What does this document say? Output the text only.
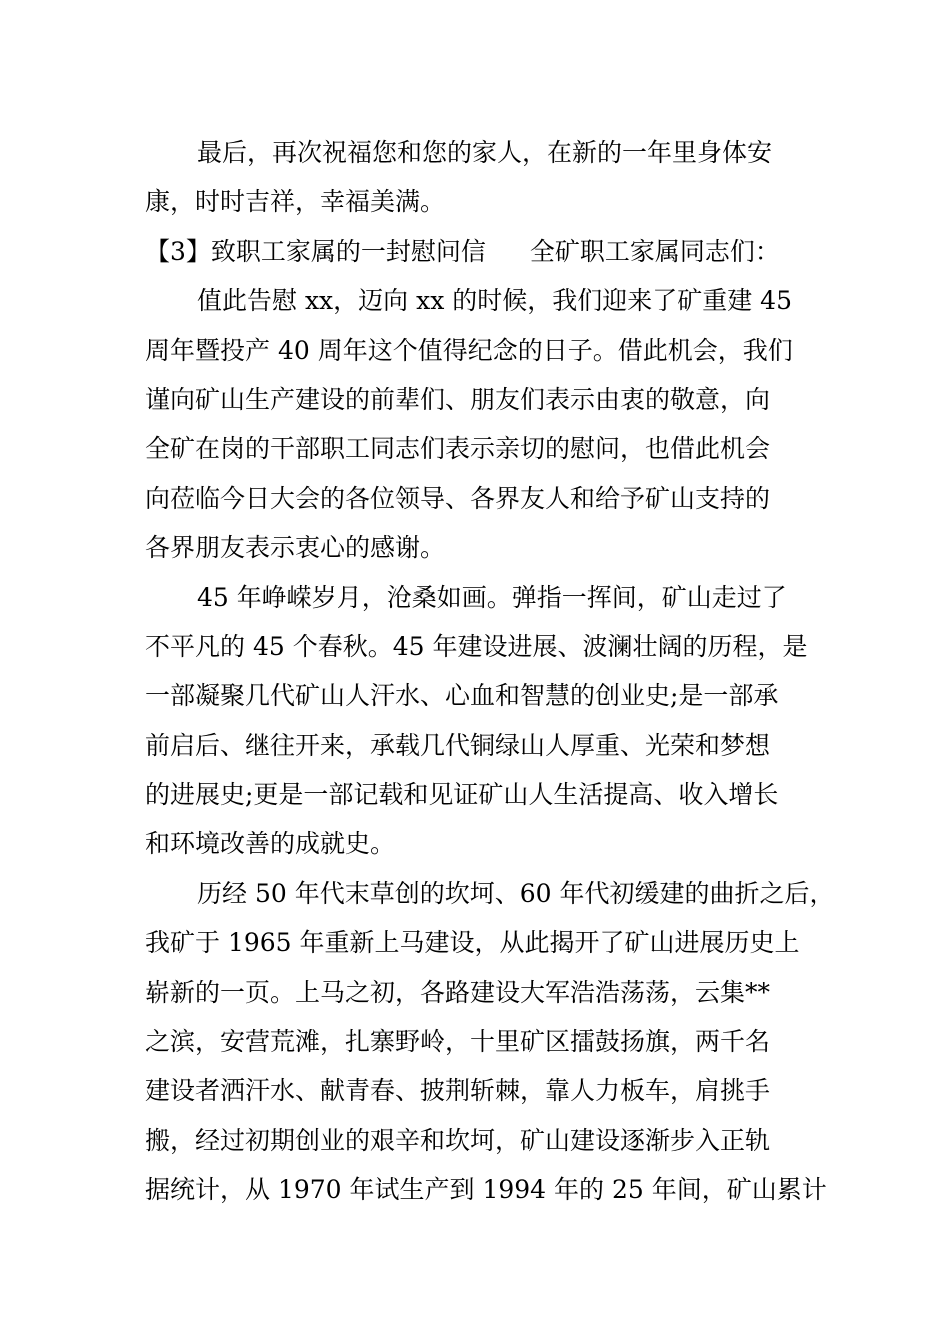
最后，再次祝福您和您的家人，在新的一年里身体安
康，时时吉祥，幸福美满。
【3】致职工家属的一封慰问信 全矿职工家属同志们：
值此告慰 xx，迈向 xx 的时候，我们迎来了矿重建 45
周年暨投产 40 周年这个值得纪念的日子。借此机会，我们
谨向矿山生产建设的前辈们、朋友们表示由衷的敬意，向
全矿在岗的干部职工同志们表示亲切的慰问，也借此机会
向莅临今日大会的各位领导、各界友人和给予矿山支持的
各界朋友表示衷心的感谢。
45 年峥嵘岁月，沧桑如画。弹指一挥间，矿山走过了
不平凡的 45 个春秋。45 年建设进展、波澜壮阔的历程，是
一部凝聚几代矿山人汗水、心血和智慧的创业史;是一部承
前启后、继往开来，承载几代铜绿山人厚重、光荣和梦想
的进展史;更是一部记载和见证矿山人生活提高、收入增长
和环境改善的成就史。
历经 50 年代末草创的坎坷、60 年代初缓建的曲折之后，
我矿于 1965 年重新上马建设，从此揭开了矿山进展历史上
崭新的一页。上马之初，各路建设大军浩浩荡荡，云集**
之滨，安营荒滩，扎寨野岭，十里矿区擂鼓扬旗，两千名
建设者洒汗水、献青春、披荆斩棘，靠人力板车，肩挑手
搬，经过初期创业的艰辛和坎坷，矿山建设逐渐步入正轨
据统计，从 1970 年试生产到 1994 年的 25 年间，矿山累计
